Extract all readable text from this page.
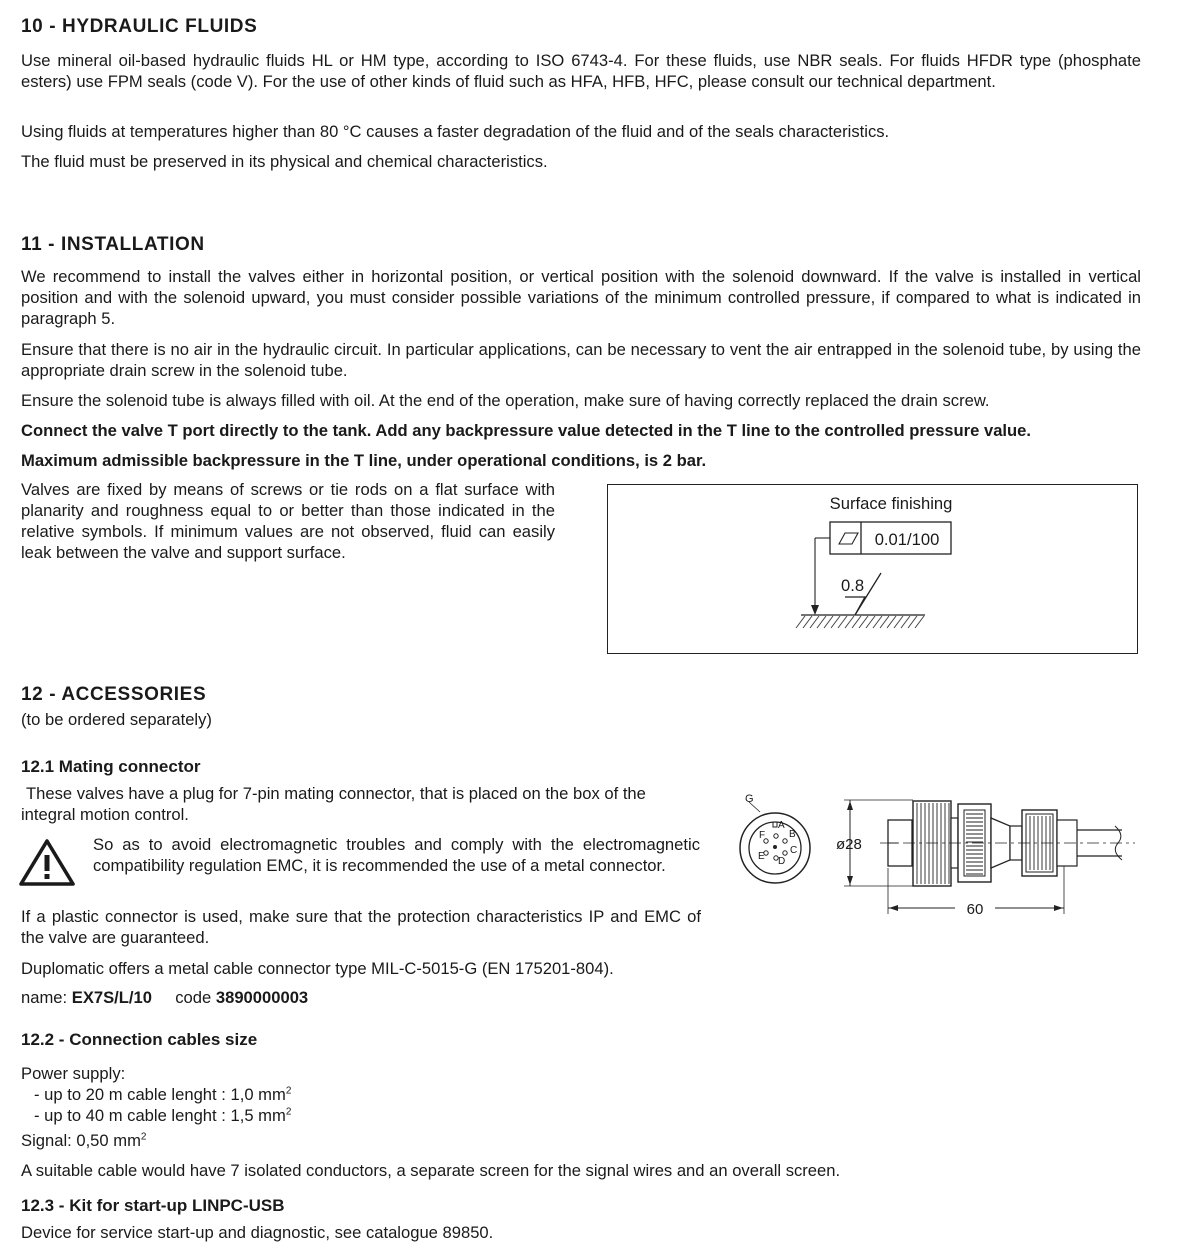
10 - HYDRAULIC FLUIDS

Use mineral oil-based hydraulic fluids HL or HM type, according to ISO 6743-4. For these fluids, use NBR seals. For fluids HFDR type (phosphate esters) use FPM seals (code V). For the use of other kinds of fluid such as HFA, HFB, HFC, please consult our technical department.

Using fluids at temperatures higher than 80 °C causes a faster degradation of the fluid and of the seals characteristics.

The fluid must be preserved in its physical and chemical characteristics.

11 - INSTALLATION

We recommend to install the valves either in horizontal position, or vertical position with the solenoid downward. If the valve is installed in vertical position and with the solenoid upward, you must consider possible variations of the minimum controlled pressure, if compared to what is indicated in paragraph 5.

Ensure that there is no air in the hydraulic circuit. In particular applications, can be necessary to vent the air entrapped in the solenoid tube, by using the appropriate drain screw in the solenoid tube.

Ensure the solenoid tube is always filled with oil. At the end of the operation, make sure of having correctly replaced the drain screw.

Connect the valve T port directly to the tank. Add any backpressure value detected in the T line to the controlled pressure value.

Maximum admissible backpressure in the T line, under operational conditions, is 2 bar.

Valves are fixed by means of screws or tie rods on a flat surface with planarity and roughness equal to or better than those indicated in the relative symbols. If minimum values are not observed, fluid can easily leak between the valve and support surface.

Surface finishing
0.01/100
0.8
12 - ACCESSORIES

(to be ordered separately)

12.1 Mating connector

These valves have a plug for 7-pin mating connector, that is placed on the box of the integral motion control.

So as to avoid electromagnetic troubles and comply with the electromagnetic compatibility regulation EMC, it is recommended the use of a metal connector.

If a plastic connector is used, make sure that the protection characteristics IP and EMC of the valve are guaranteed.

Duplomatic offers a metal cable connector type MIL-C-5015-G (EN 175201-804).

name: EX7S/L/10 code 3890000003

G
A
B
C
D
E
F
ø28
60
12.2 - Connection cables size

Power supply:

- up to 20 m cable lenght : 1,0 $mm^2$

- up to 40 m cable lenght : 1,5 $mm^2$

Signal: 0,50 $mm^2$

A suitable cable would have 7 isolated conductors, a separate screen for the signal wires and an overall screen.

12.3 - Kit for start-up LINPC-USB

Device for service start-up and diagnostic, see catalogue 89850.
